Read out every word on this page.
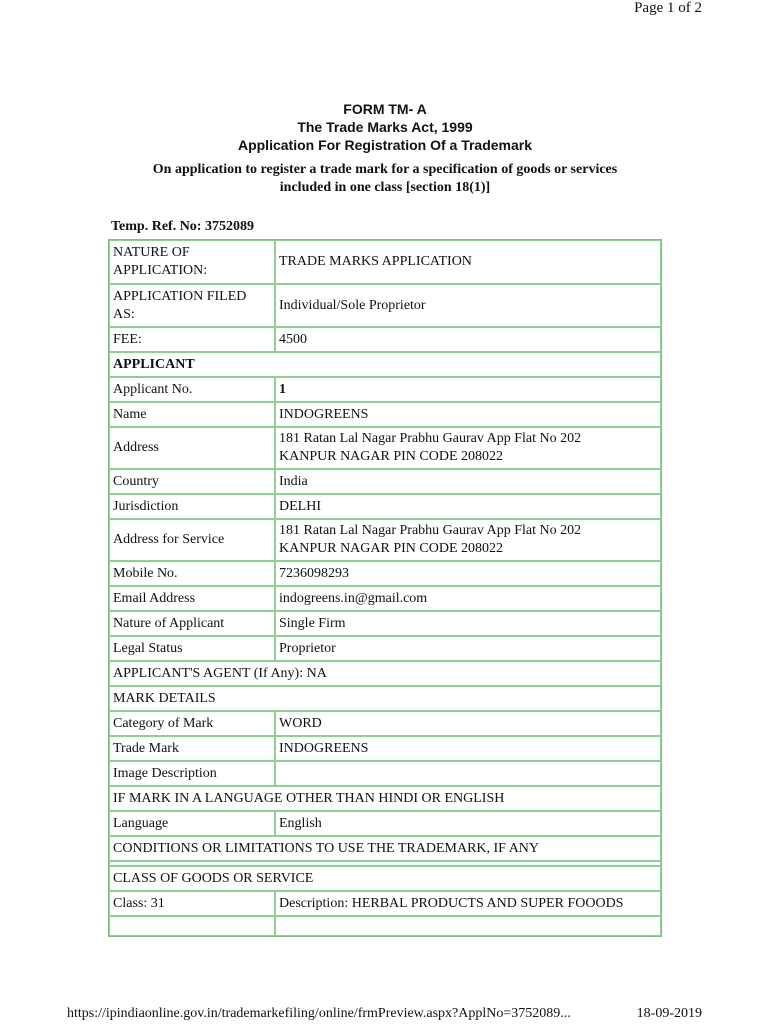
Page 1 of 2
FORM TM- A
The Trade Marks Act, 1999
Application For Registration Of a Trademark
On application to register a trade mark for a specification of goods or services
included in one class [section 18(1)]
Temp. Ref. No: 3752089
NATURE OF
APPLICATION:	TRADE MARKS APPLICATION
APPLICATION FILED
AS:	Individual/Sole Proprietor
FEE:	4500
APPLICANT	
Applicant No.	1
Name	INDOGREENS
Address	181 Ratan Lal Nagar Prabhu Gaurav App Flat No 202
KANPUR NAGAR PIN CODE 208022
Country	India
Jurisdiction	DELHI
Address for Service	181 Ratan Lal Nagar Prabhu Gaurav App Flat No 202
KANPUR NAGAR PIN CODE 208022
Mobile No.	7236098293
Email Address	indogreens.in@gmail.com
Nature of Applicant	Single Firm
Legal Status	Proprietor
APPLICANT'S AGENT (If Any): NA	
MARK DETAILS	
Category of Mark	WORD
Trade Mark	INDOGREENS
Image Description	
IF MARK IN A LANGUAGE OTHER THAN HINDI OR ENGLISH	
Language	English
CONDITIONS OR LIMITATIONS TO USE THE TRADEMARK, IF ANY	

CLASS OF GOODS OR SERVICE	
Class: 31	Description: HERBAL PRODUCTS AND SUPER FOOODS

https://ipindiaonline.gov.in/trademarkefiling/online/frmPreview.aspx?ApplNo=3752089...	18-09-2019
